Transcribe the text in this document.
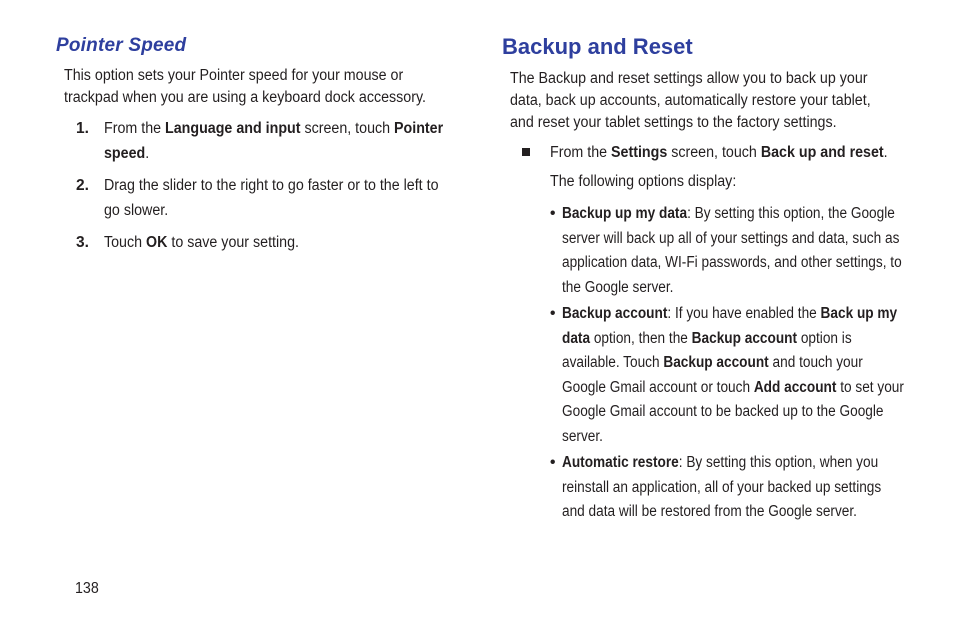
Pointer Speed

This option sets your Pointer speed for your mouse or trackpad when you are using a keyboard dock accessory.

1. From the Language and input screen, touch Pointer speed.
2. Drag the slider to the right to go faster or to the left to go slower.
3. Touch OK to save your setting.
Backup and Reset

The Backup and reset settings allow you to back up your data, back up accounts, automatically restore your tablet, and reset your tablet settings to the factory settings.

From the Settings screen, touch Back up and reset.
The following options display:
• Backup up my data: By setting this option, the Google server will back up all of your settings and data, such as application data, WI-Fi passwords, and other settings, to the Google server.
• Backup account: If you have enabled the Back up my data option, then the Backup account option is available. Touch Backup account and touch your Google Gmail account or touch Add account to set your Google Gmail account to be backed up to the Google server.
• Automatic restore: By setting this option, when you reinstall an application, all of your backed up settings and data will be restored from the Google server.
138
